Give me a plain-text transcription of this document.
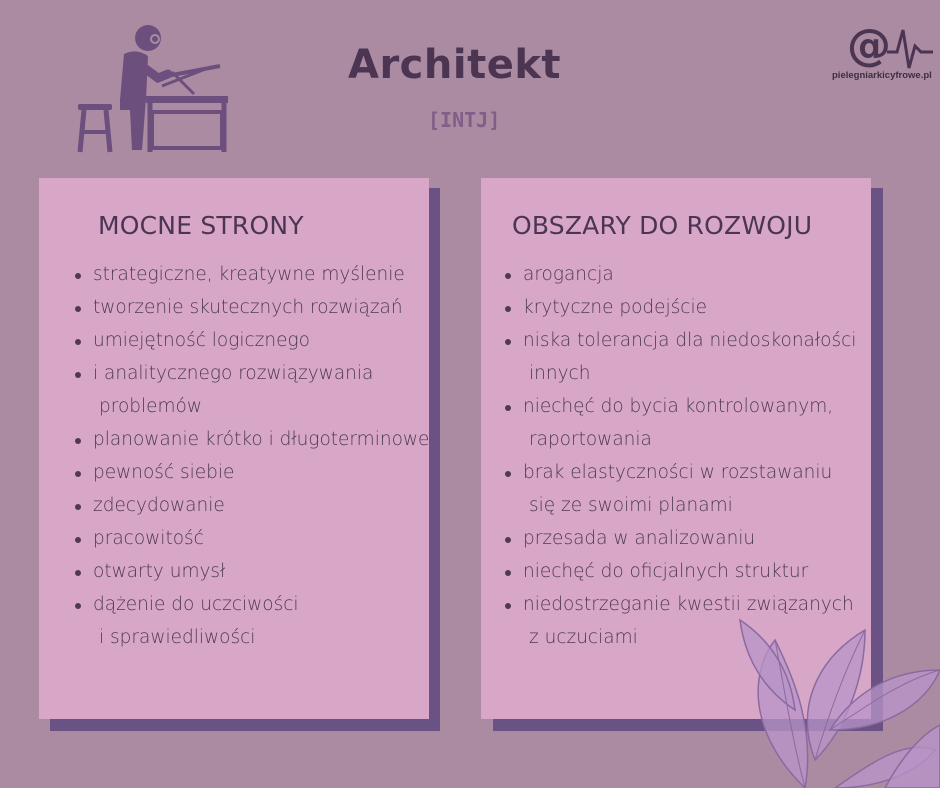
Architekt

[INTJ]

@

pielegniarkicyfrowe.pl

MOCNE STRONY
strategiczne, kreatywne myślenie
tworzenie skutecznych rozwiązań
umiejętność logicznego
i analitycznego rozwiązywania
problemów
planowanie krótko i długoterminowe
pewność siebie
zdecydowanie
pracowitość
otwarty umysł
dążenie do uczciwości
i sprawiedliwości
OBSZARY DO ROZWOJU
arogancja
krytyczne podejście
niska tolerancja dla niedoskonałości
innych
niechęć do bycia kontrolowanym,
raportowania
brak elastyczności w rozstawaniu
się ze swoimi planami
przesada w analizowaniu
niechęć do oficjalnych struktur
niedostrzeganie kwestii związanych
z uczuciami
